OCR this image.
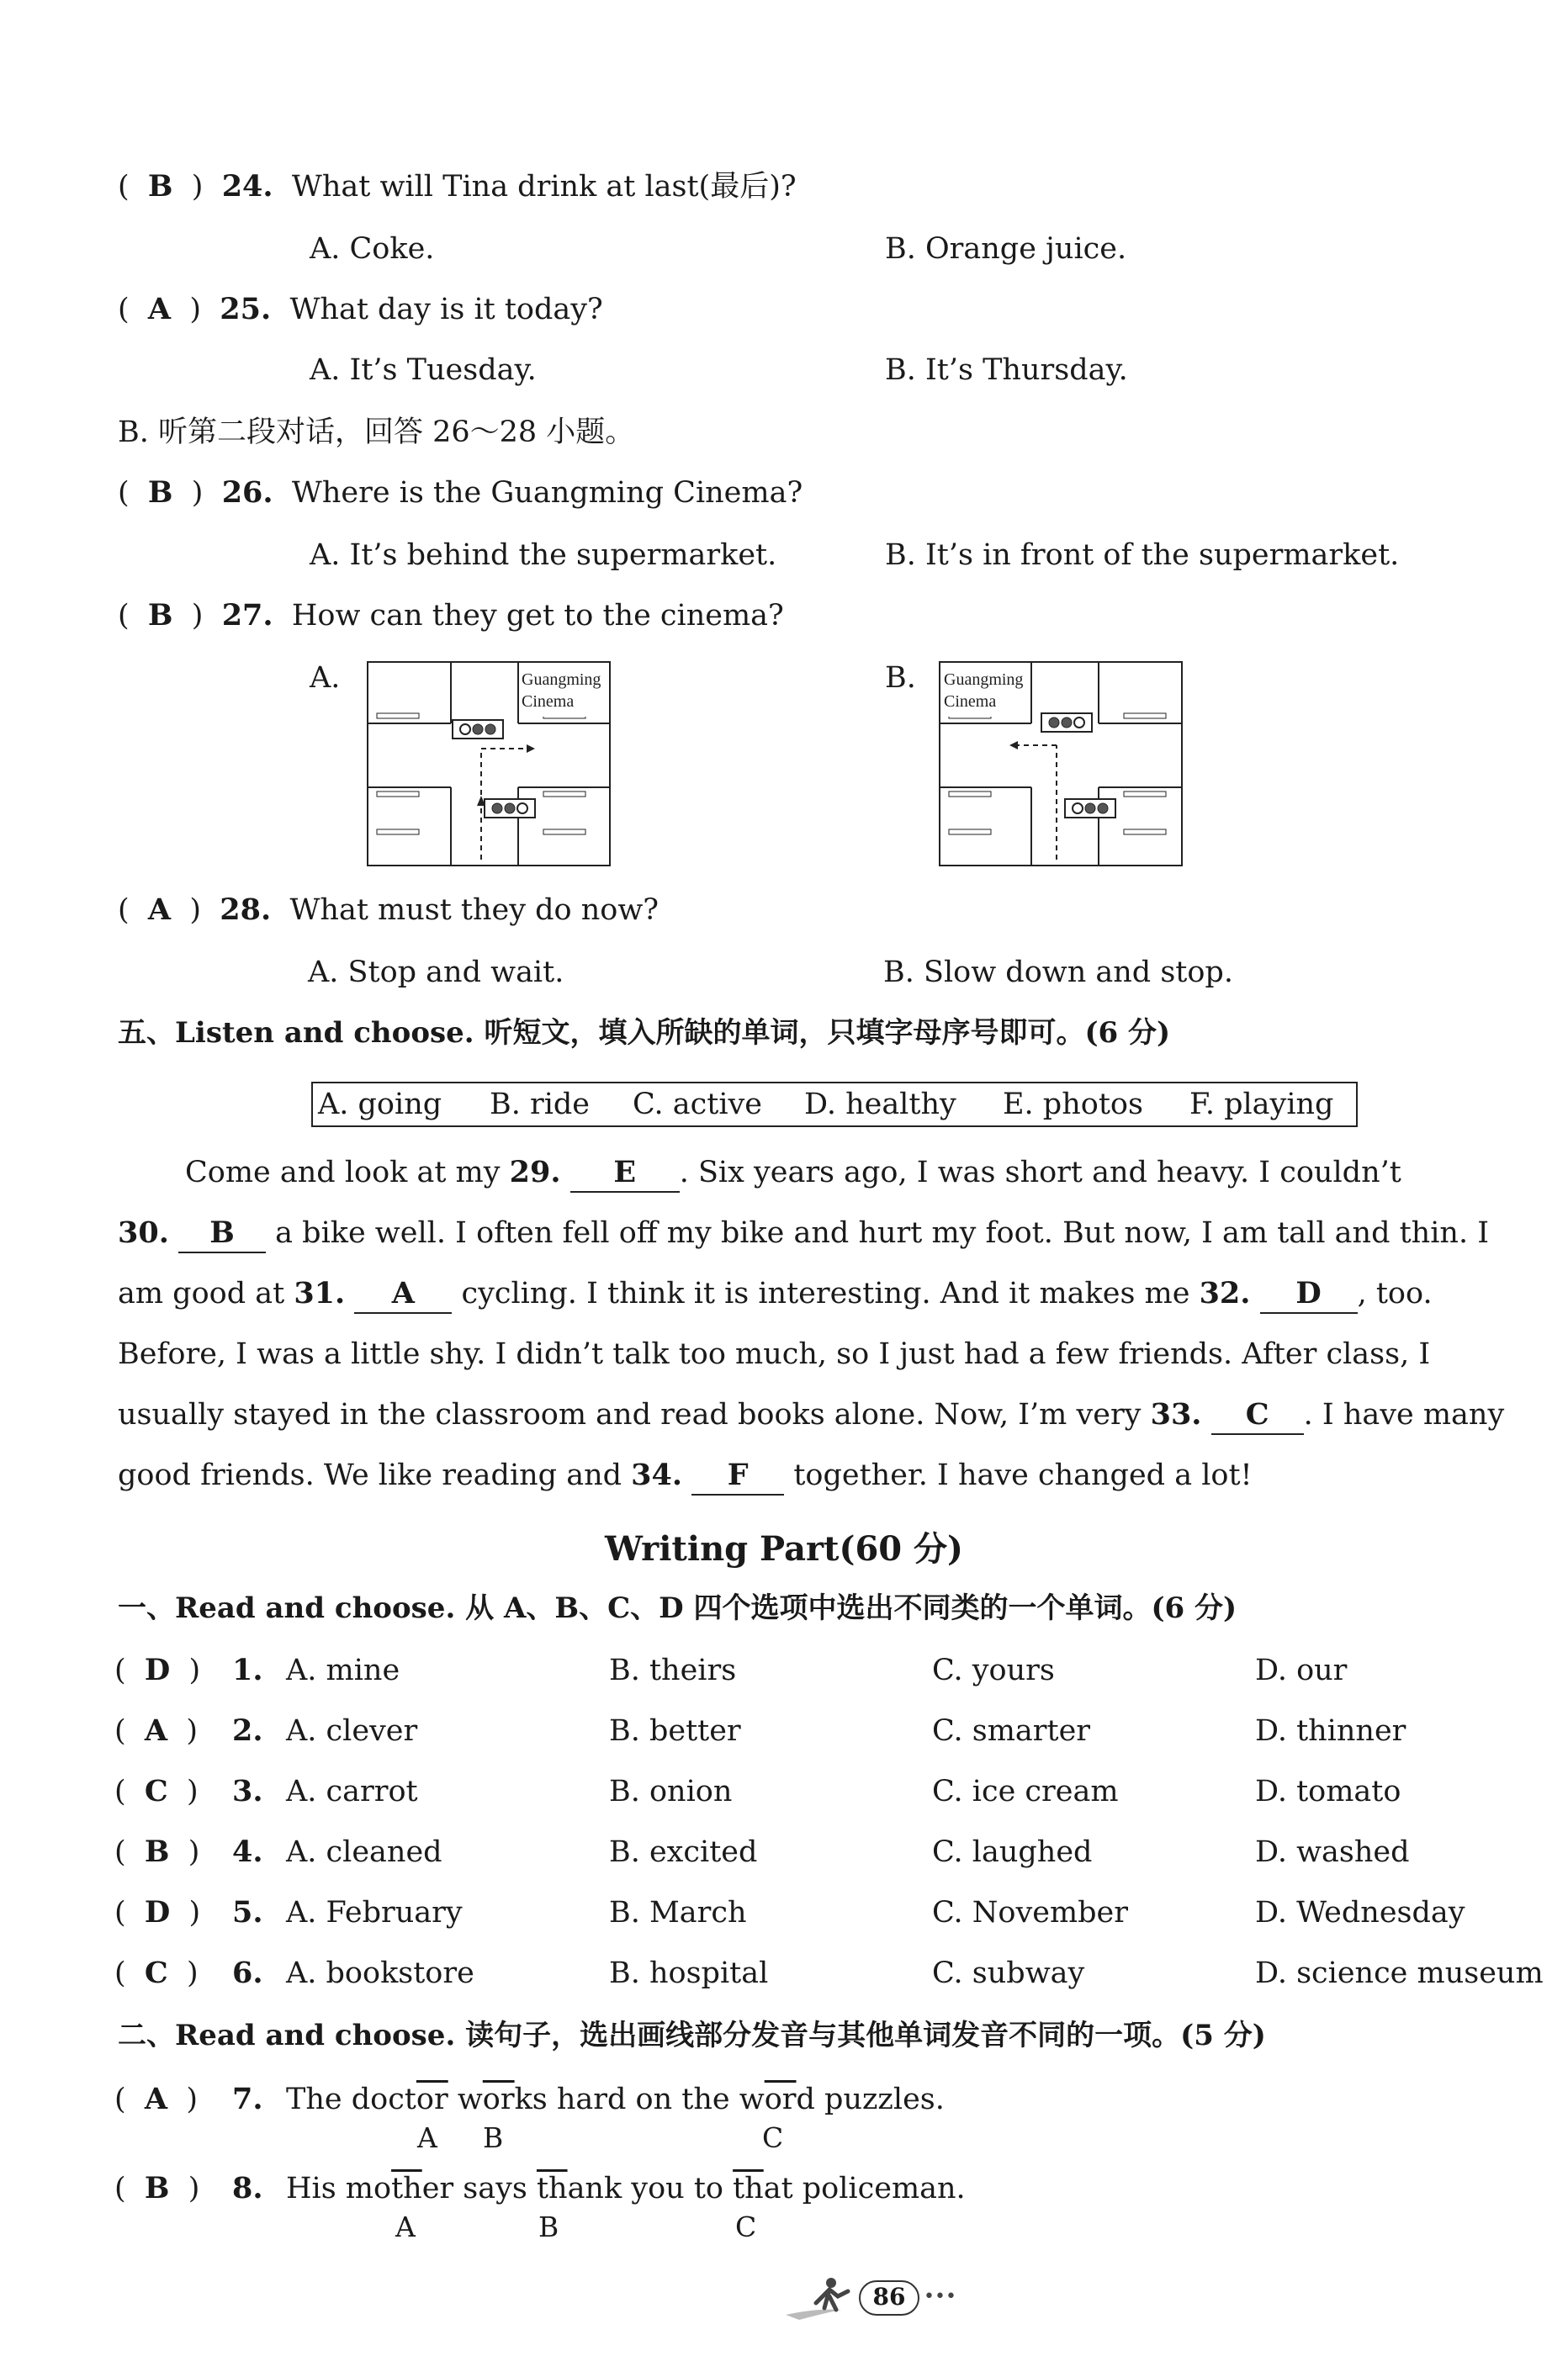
( B ) 24. What will Tina drink at last(最后)?
A. Coke.	B. Orange juice.
( A ) 25. What day is it today?
A. It’s Tuesday.	B. It’s Thursday.
B. 听第二段对话，回答 26～28 小题。
( B ) 26. Where is the Guangming Cinema?
A. It’s behind the supermarket.	B. It’s in front of the supermarket.
( B ) 27. How can they get to the cinema?
A.	B.
Guangming
Cinema
Guangming
Cinema
( A ) 28. What must they do now?
A. Stop and wait.	B. Slow down and stop.
五、Listen and choose. 听短文，填入所缺的单词，只填字母序号即可。(6 分)
A. going B. ride C. active D. healthy E. photos F. playing
Come and look at my 29. E . Six years ago, I was short and heavy. I couldn’t
30. B a bike well. I often fell off my bike and hurt my foot. But now, I am tall and thin. I
am good at 31. A cycling. I think it is interesting. And it makes me 32. D , too.
Before, I was a little shy. I didn’t talk too much, so I just had a few friends. After class, I
usually stayed in the classroom and read books alone. Now, I’m very 33. C . I have many
good friends. We like reading and 34. F together. I have changed a lot!
Writing Part(60 分)
一、Read and choose. 从 A、B、C、D 四个选项中选出不同类的一个单词。(6 分)
(  D  ) 1. A. mine	B. theirs	C. yours	D. our
(  A  ) 2. A. clever	B. better	C. smarter	D. thinner
(  C  ) 3. A. carrot	B. onion	C. ice cream	D. tomato
(  B  ) 4. A. cleaned	B. excited	C. laughed	D. washed
(  D  ) 5. A. February	B. March	C. November	D. Wednesday
(  C  ) 6. A. bookstore	B. hospital	C. subway	D. science museum
二、Read and choose. 读句子，选出画线部分发音与其他单词发音不同的一项。(5 分)
(  A  ) 7. The $doct\overline{or}$ $w\overline{or}ks$ hard on the $w\overline{or}d$ puzzles.
A B	C
(  B  ) 8. His $mo\overline{th}er$ says $\overline{th}ank$ you to $\overline{th}at$ policeman.
A	B	C
86 •••
